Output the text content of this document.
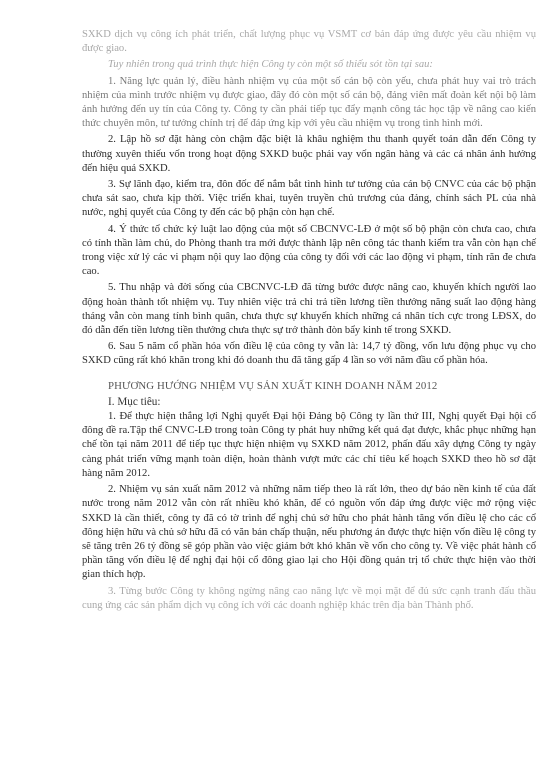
SXKD dịch vụ công ích phát triển, chất lượng phục vụ VSMT cơ bản đáp ứng được yêu cầu nhiệm vụ được giao.

Tuy nhiên trong quá trình thực hiện Công ty còn một số thiếu sót tồn tại sau:

1. Năng lực quản lý, điều hành nhiệm vụ của một số cán bộ còn yếu, chưa phát huy vai trò trách nhiệm của mình trước nhiệm vụ được giao, đây đó còn một số cán bộ, đảng viên mất đoàn kết nội bộ làm ảnh hưởng đến uy tín của Công ty. Công ty cần phải tiếp tục đẩy mạnh công tác học tập về nâng cao kiến thức chuyên môn, tư tưởng chính trị để đáp ứng kịp với yêu cầu nhiệm vụ trong tình hình mới.

2. Lập hồ sơ đặt hàng còn chậm đặc biệt là khâu nghiệm thu thanh quyết toán dẫn đến Công ty thường xuyên thiếu vốn trong hoạt động SXKD buộc phải vay vốn ngân hàng và các cá nhân ảnh hưởng đến hiệu quả SXKD.

3. Sự lãnh đạo, kiểm tra, đôn đốc để nắm bắt tình hình tư tưởng của cán bộ CNVC của các bộ phận chưa sát sao, chưa kịp thời. Việc triển khai, tuyên truyền chủ trương của đảng, chính sách PL của nhà nước, nghị quyết của Công ty đến các bộ phận còn hạn chế.

4. Ý thức tổ chức kỷ luật lao động của một số CBCNVC-LĐ ở một số bộ phận còn chưa cao, chưa có tính thần làm chủ, do Phòng thanh tra mới được thành lập nên công tác thanh kiểm tra vẫn còn hạn chế trong việc xử lý các vi phạm nội quy lao động của công ty đối với các lao động vi phạm, tính răn đe chưa cao.

5. Thu nhập và đời sống của CBCNVC-LĐ đã từng bước được nâng cao, khuyến khích người lao động hoàn thành tốt nhiệm vụ. Tuy nhiên việc trả chi trả tiền lương tiền thưởng năng suất lao động hàng tháng vẫn còn mang tính bình quân, chưa thực sự khuyến khích những cá nhân tích cực trong LĐSX, do đó dẫn đến tiền lương tiền thưởng chưa thực sự trở thành đòn bẩy kinh tế trong SXKD.

6. Sau 5 năm cổ phần hóa vốn điều lệ của công ty vẫn là: 14,7 tỷ đồng, vốn lưu động phục vụ cho SXKD cũng rất khó khăn trong khi đó doanh thu đã tăng gấp 4 lần so với năm đầu cổ phần hóa.

PHƯƠNG HƯỚNG NHIỆM VỤ SẢN XUẤT KINH DOANH NĂM 2012

I. Mục tiêu:

1. Để thực hiện thắng lợi Nghị quyết Đại hội Đảng bộ Công ty lần thứ III, Nghị quyết Đại hội cổ đông đề ra.Tập thể CNVC-LĐ trong toàn Công ty phát huy những kết quả đạt được, khắc phục những hạn chế tồn tại năm 2011 để tiếp tục thực hiện nhiệm vụ SXKD năm 2012, phấn đấu xây dựng Công ty ngày càng phát triển vững mạnh toàn diện, hoàn thành vượt mức các chỉ tiêu kế hoạch SXKD theo hồ sơ đặt hàng năm 2012.

2. Nhiệm vụ sản xuất năm 2012 và những năm tiếp theo là rất lớn, theo dự báo nền kinh tế của đất nước trong năm 2012 vẫn còn rất nhiều khó khăn, để có nguồn vốn đáp ứng được việc mở rộng việc SXKD là cần thiết, công ty đã có tờ trình để nghị chủ sở hữu cho phát hành tăng vốn điều lệ cho các cổ đông hiện hữu và chủ sở hữu đã có văn bản chấp thuận, nếu phương án được thực hiện vốn điều lệ công ty sẽ tăng trên 26 tỷ đồng sẽ góp phần vào việc giảm bớt khó khăn về vốn cho công ty. Về việc phát hành cổ phần tăng vốn điều lệ để nghị đại hội cổ đông giao lại cho Hội đồng quản trị tổ chức thực hiện vào thời gian thích hợp.

3. Từng bước Công ty không ngừng nâng cao năng lực về mọi mặt để đủ sức cạnh tranh đấu thầu cung ứng các sản phẩm dịch vụ công ích với các doanh nghiệp khác trên địa bàn Thành phố.
